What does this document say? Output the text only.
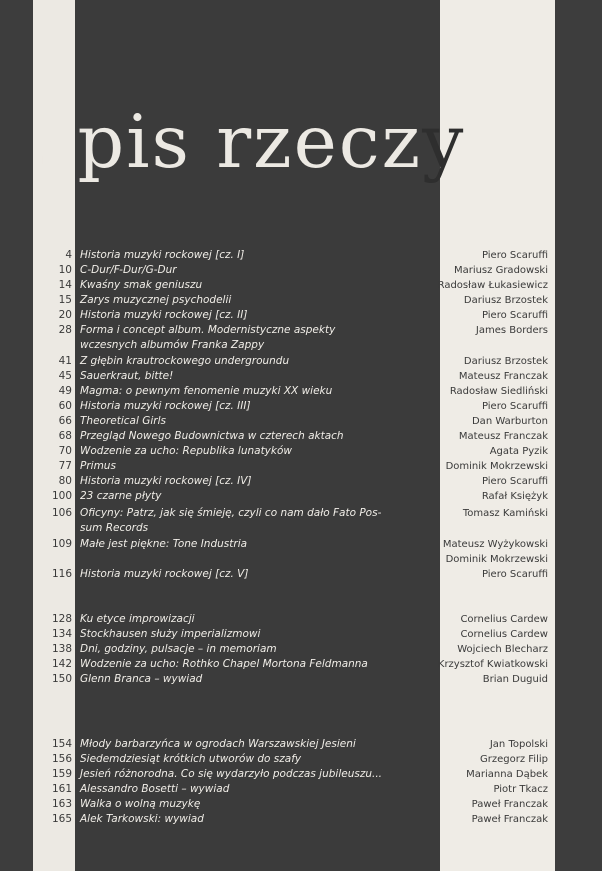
spis rzeczy
4 Historia muzyki rockowej [cz. I]	Piero Scaruffi
10 C-Dur/F-Dur/G-Dur	Mariusz Gradowski
14 Kwaśny smak geniuszu	Radosław Łukasiewicz
15 Zarys muzycznej psychodelii	Dariusz Brzostek
20 Historia muzyki rockowej [cz. II]	Piero Scaruffi
28 Forma i concept album. Modernistyczne aspekty	James Borders
wczesnych albumów Franka Zappy
41 Z głębin krautrockowego undergroundu	Dariusz Brzostek
45 Sauerkraut, bitte!	Mateusz Franczak
49 Magma: o pewnym fenomenie muzyki XX wieku	Radosław Siedliński
60 Historia muzyki rockowej [cz. III]	Piero Scaruffi
66 Theoretical Girls	Dan Warburton
68 Przegląd Nowego Budownictwa w czterech aktach	Mateusz Franczak
70 Wodzenie za ucho: Republika lunatyków	Agata Pyzik
77 Primus	Dominik Mokrzewski
80 Historia muzyki rockowej [cz. IV]	Piero Scaruffi
100 23 czarne płyty	Rafał Księżyk
106 Oficyny: Patrz, jak się śmieję, czyli co nam dało Fato Pos-	Tomasz Kamiński
sum Records
109 Małe jest piękne: Tone Industria	Mateusz Wyżykowski
Dominik Mokrzewski
116 Historia muzyki rockowej [cz. V]	Piero Scaruffi
128 Ku etyce improwizacji	Cornelius Cardew
134 Stockhausen służy imperializmowi	Cornelius Cardew
138 Dni, godziny, pulsacje – in memoriam	Wojciech Blecharz
142 Wodzenie za ucho: Rothko Chapel Mortona Feldmanna	Krzysztof Kwiatkowski
150 Glenn Branca – wywiad	Brian Duguid
154 Młody barbarzyńca w ogrodach Warszawskiej Jesieni	Jan Topolski
156 Siedemdziesiąt krótkich utworów do szafy	Grzegorz Filip
159 Jesień różnorodna. Co się wydarzyło podczas jubileuszu...	Marianna Dąbek
161 Alessandro Bosetti – wywiad	Piotr Tkacz
163 Walka o wolną muzykę	Paweł Franczak
165 Alek Tarkowski: wywiad	Paweł Franczak
